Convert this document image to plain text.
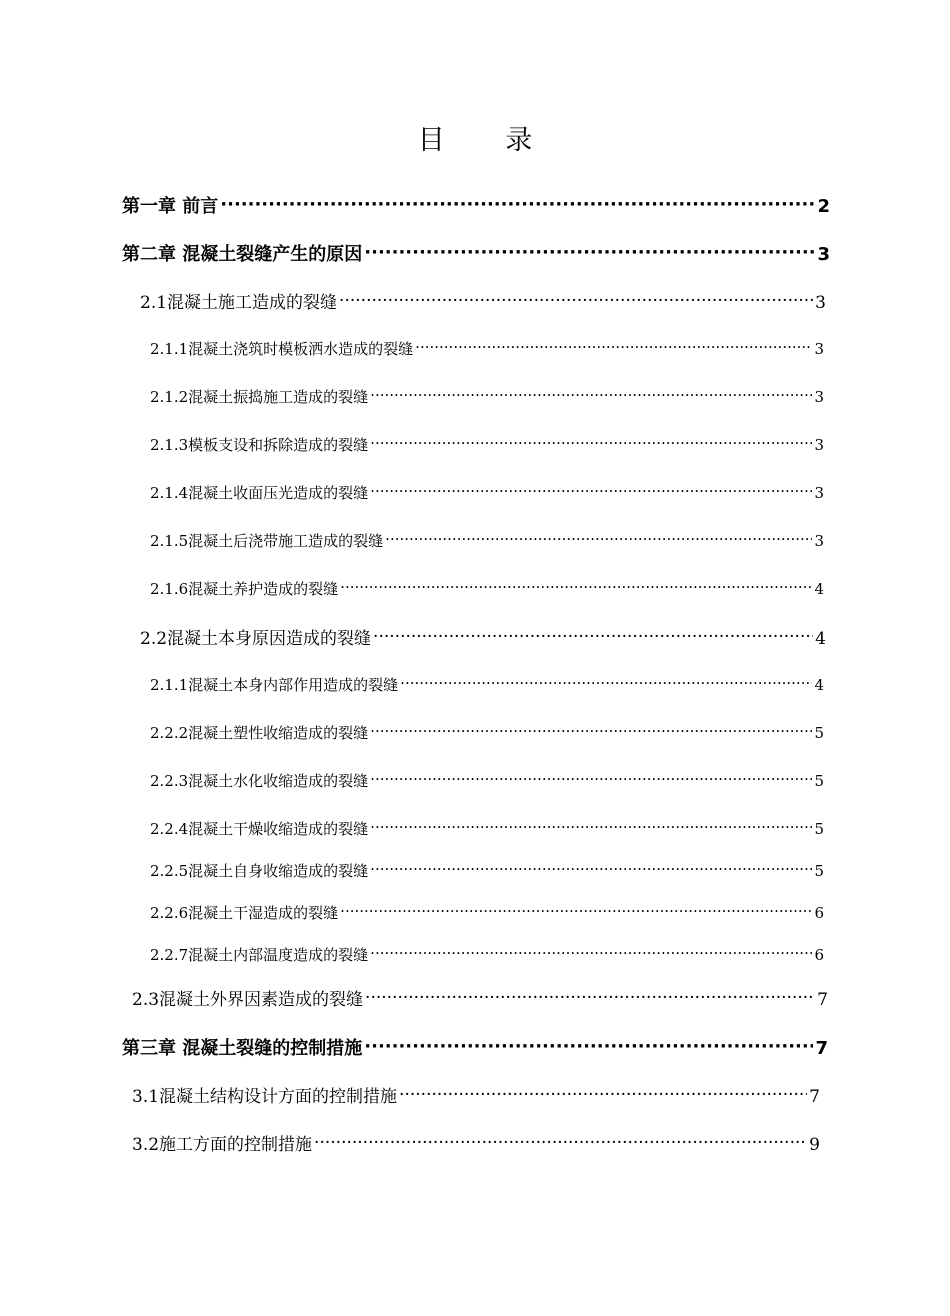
目 录
第一章 前言 ·····	2
第二章 混凝土裂缝产生的原因 ·····	3
2.1混凝土施工造成的裂缝 ·····	3
2.1.1混凝土浇筑时模板洒水造成的裂缝 ·····	3
2.1.2混凝土振捣施工造成的裂缝 ·····	3
2.1.3模板支设和拆除造成的裂缝 ·····	3
2.1.4混凝土收面压光造成的裂缝 ·····	3
2.1.5混凝土后浇带施工造成的裂缝 ·····	3
2.1.6混凝土养护造成的裂缝 ·····	4
2.2混凝土本身原因造成的裂缝 ·····	4
2.1.1混凝土本身内部作用造成的裂缝 ·····	4
2.2.2混凝土塑性收缩造成的裂缝 ·····	5
2.2.3混凝土水化收缩造成的裂缝 ·····	5
2.2.4混凝土干燥收缩造成的裂缝 ·····	5
2.2.5混凝土自身收缩造成的裂缝 ·····	5
2.2.6混凝土干湿造成的裂缝 ·····	6
2.2.7混凝土内部温度造成的裂缝 ·····	6
2.3混凝土外界因素造成的裂缝 ·····	7
第三章 混凝土裂缝的控制措施 ·····	7
3.1混凝土结构设计方面的控制措施 ·····	7
3.2施工方面的控制措施 ·····	9
